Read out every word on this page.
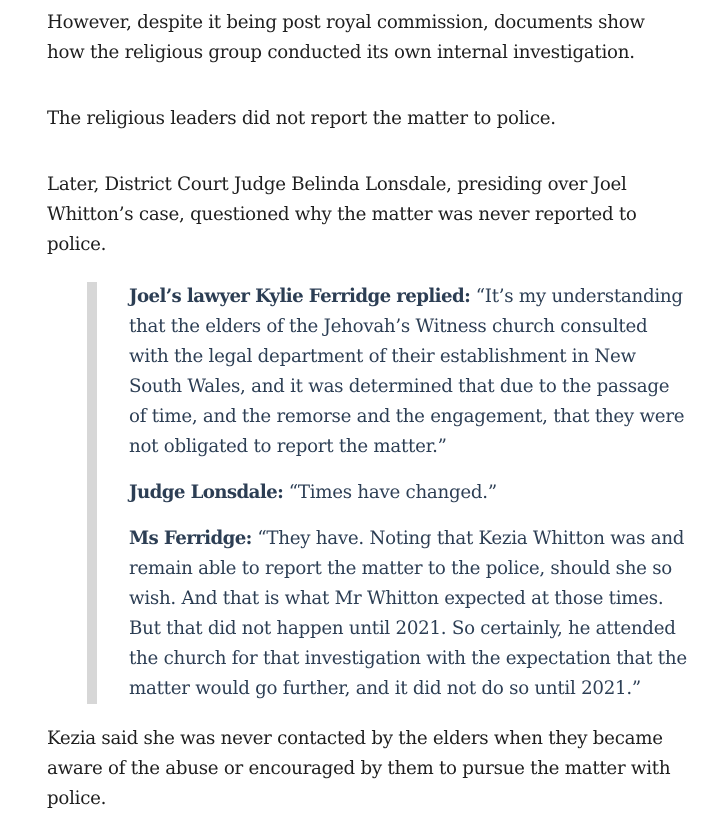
However, despite it being post royal commission, documents show how the religious group conducted its own internal investigation.

The religious leaders did not report the matter to police.

Later, District Court Judge Belinda Lonsdale, presiding over Joel Whitton’s case, questioned why the matter was never reported to police.

Joel’s lawyer Kylie Ferridge replied: “It’s my understanding that the elders of the Jehovah’s Witness church consulted with the legal department of their establishment in New South Wales, and it was determined that due to the passage of time, and the remorse and the engagement, that they were not obligated to report the matter.”

Judge Lonsdale: “Times have changed.”

Ms Ferridge: “They have. Noting that Kezia Whitton was and remain able to report the matter to the police, should she so wish. And that is what Mr Whitton expected at those times. But that did not happen until 2021. So certainly, he attended the church for that investigation with the expectation that the matter would go further, and it did not do so until 2021.”

Kezia said she was never contacted by the elders when they became aware of the abuse or encouraged by them to pursue the matter with police.
